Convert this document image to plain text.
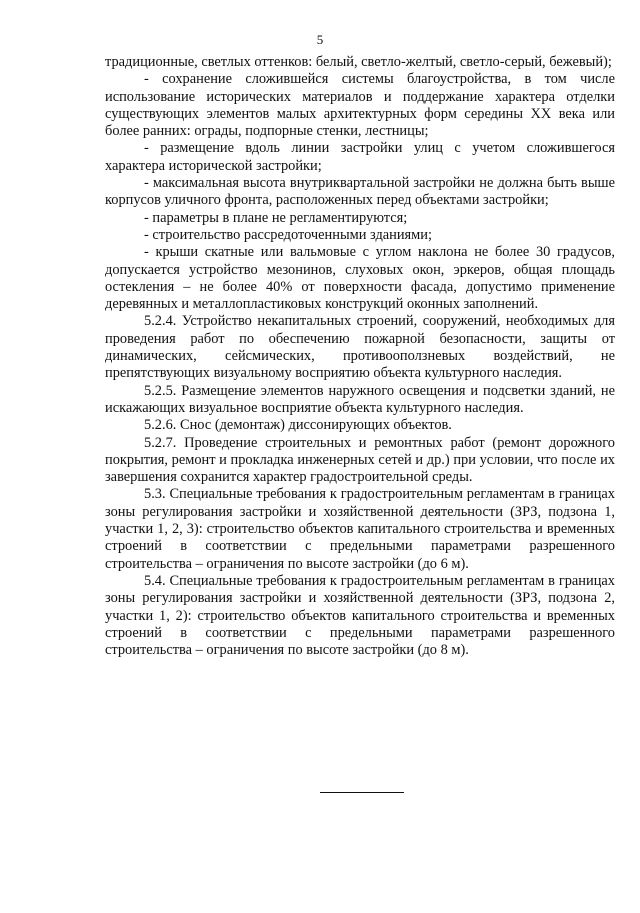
5

традиционные, светлых оттенков: белый, светло-желтый, светло-серый, бежевый);

- сохранение сложившейся системы благоустройства, в том числе использование исторических материалов и поддержание характера отделки существующих элементов малых архитектурных форм середины XX века или более ранних: ограды, подпорные стенки, лестницы;

- размещение вдоль линии застройки улиц с учетом сложившегося характера исторической застройки;

- максимальная высота внутриквартальной застройки не должна быть выше корпусов уличного фронта, расположенных перед объектами застройки;

- параметры в плане не регламентируются;

- строительство рассредоточенными зданиями;

- крыши скатные или вальмовые с углом наклона не более 30 градусов, допускается устройство мезонинов, слуховых окон, эркеров, общая площадь остекления – не более 40% от поверхности фасада, допустимо применение деревянных и металлопластиковых конструкций оконных заполнений.

5.2.4. Устройство некапитальных строений, сооружений, необходимых для проведения работ по обеспечению пожарной безопасности, защиты от динамических, сейсмических, противооползневых воздействий, не препятствующих визуальному восприятию объекта культурного наследия.

5.2.5. Размещение элементов наружного освещения и подсветки зданий, не искажающих визуальное восприятие объекта культурного наследия.

5.2.6. Снос (демонтаж) диссонирующих объектов.

5.2.7. Проведение строительных и ремонтных работ (ремонт дорожного покрытия, ремонт и прокладка инженерных сетей и др.) при условии, что после их завершения сохранится характер градостроительной среды.

5.3. Специальные требования к градостроительным регламентам в границах зоны регулирования застройки и хозяйственной деятельности (ЗРЗ, подзона 1, участки 1, 2, 3): строительство объектов капитального строительства и временных строений в соответствии с предельными параметрами разрешенного строительства – ограничения по высоте застройки (до 6 м).

5.4. Специальные требования к градостроительным регламентам в границах зоны регулирования застройки и хозяйственной деятельности (ЗРЗ, подзона 2, участки 1, 2): строительство объектов капитального строительства и временных строений в соответствии с предельными параметрами разрешенного строительства – ограничения по высоте застройки (до 8 м).
